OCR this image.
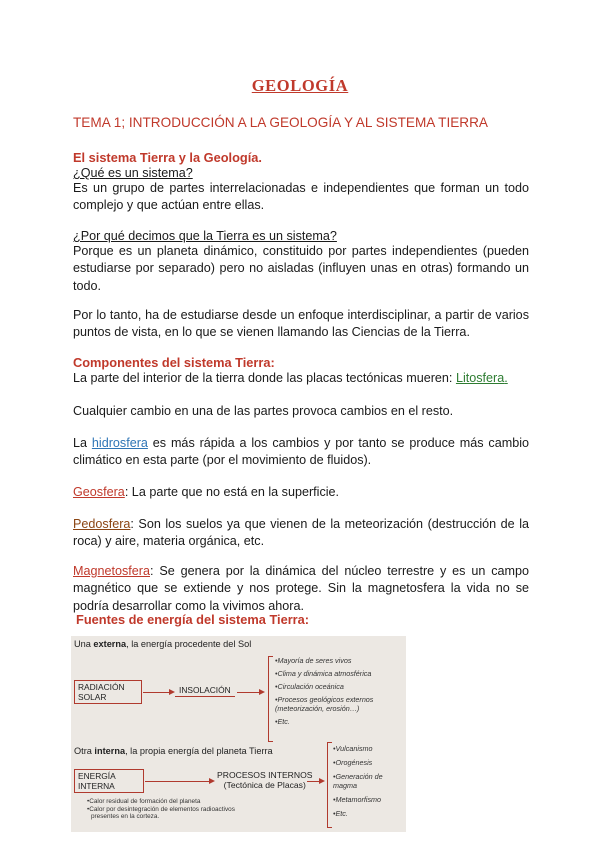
GEOLOGÍA
TEMA 1; INTRODUCCIÓN A LA GEOLOGÍA Y AL SISTEMA TIERRA
El sistema Tierra y la Geología.
¿Qué es un sistema?

Es un grupo de partes interrelacionadas e independientes que forman un todo complejo y que actúan entre ellas.

¿Por qué decimos que la Tierra es un sistema?

Porque es un planeta dinámico, constituido por partes independientes (pueden estudiarse por separado) pero no aisladas (influyen unas en otras) formando un todo.

Por lo tanto, ha de estudiarse desde un enfoque interdisciplinar, a partir de varios puntos de vista, en lo que se vienen llamando las Ciencias de la Tierra.

Componentes del sistema Tierra:

La parte del interior de la tierra donde las placas tectónicas mueren: Litosfera.

Cualquier cambio en una de las partes provoca cambios en el resto.

La hidrosfera es más rápida a los cambios y por tanto se produce más cambio climático en esta parte (por el movimiento de fluidos).

Geosfera: La parte que no está en la superficie.

Pedosfera: Son los suelos ya que vienen de la meteorización (destrucción de la roca) y aire, materia orgánica, etc.

Magnetosfera: Se genera por la dinámica del núcleo terrestre y es un campo magnético que se extiende y nos protege. Sin la magnetosfera la vida no se podría desarrollar como la vivimos ahora.

Fuentes de energía del sistema Tierra:
Una externa, la energía procedente del Sol
RADIACIÓN
SOLAR
INSOLACIÓN
•Mayoría de seres vivos
•Clima y dinámica atmosférica
•Circulación oceánica
•Procesos geológicos externos
(meteorización, erosión…)
•Etc.
Otra interna, la propia energía del planeta Tierra
ENERGÍA
INTERNA
PROCESOS INTERNOS
(Tectónica de Placas)
•Vulcanismo
•Orogénesis
•Generación de
magma
•Metamorfismo
•Etc.
•Calor residual de formación del planeta
•Calor por desintegración de elementos radioactivos
presentes en la corteza.
